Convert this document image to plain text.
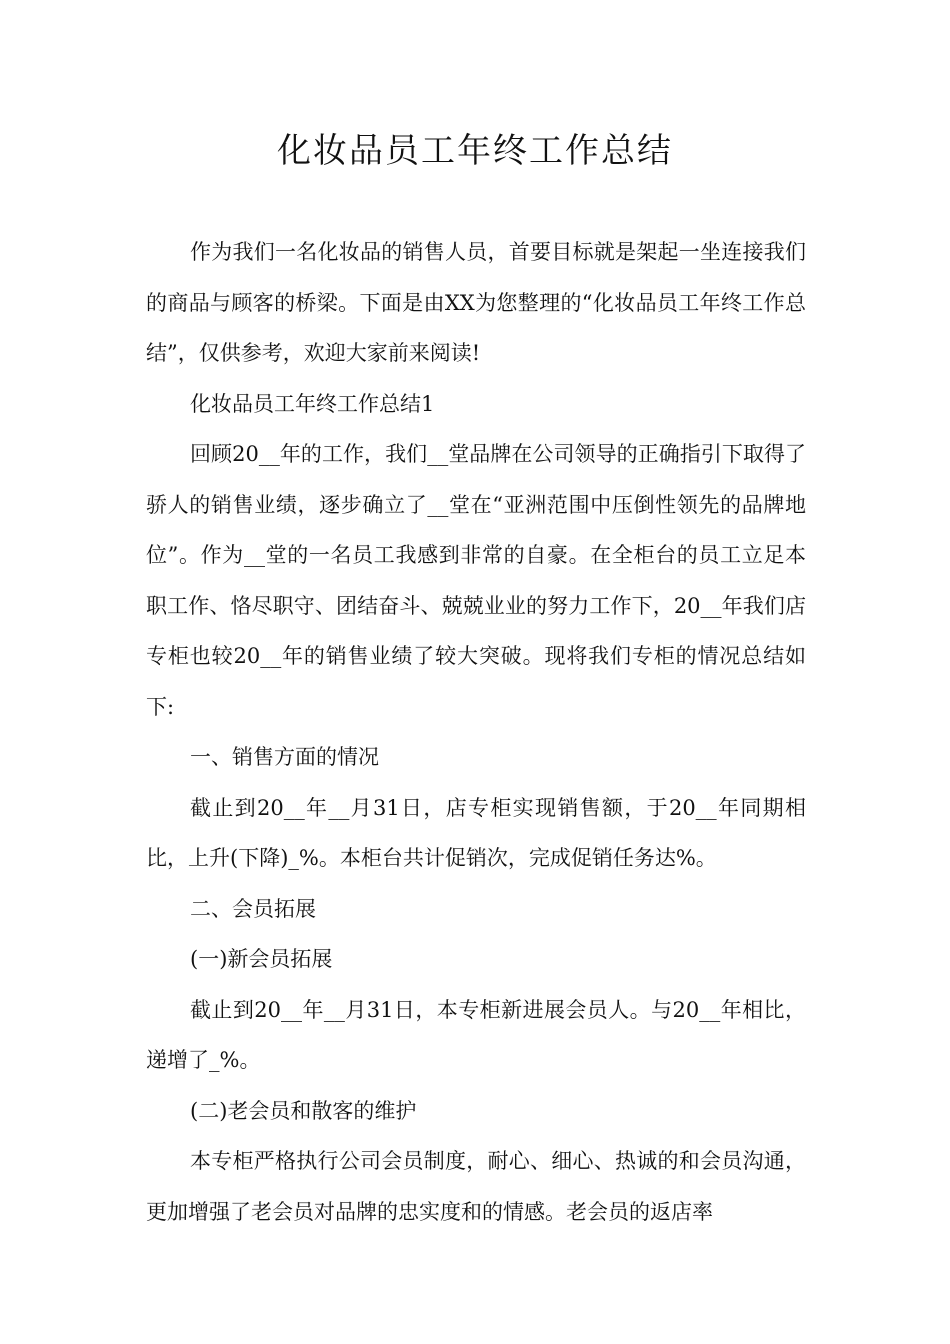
化妆品员工年终工作总结

作为我们一名化妆品的销售人员，首要目标就是架起一坐连接我们的商品与顾客的桥梁。下面是由XX为您整理的“化妆品员工年终工作总结”，仅供参考，欢迎大家前来阅读!

化妆品员工年终工作总结1

回顾20__年的工作，我们__堂品牌在公司领导的正确指引下取得了骄人的销售业绩，逐步确立了__堂在“亚洲范围中压倒性领先的品牌地位”。作为__堂的一名员工我感到非常的自豪。在全柜台的员工立足本职工作、恪尽职守、团结奋斗、兢兢业业的努力工作下，20__年我们店专柜也较20__年的销售业绩了较大突破。现将我们专柜的情况总结如下:

一、销售方面的情况

截止到20__年__月31日，店专柜实现销售额，于20__年同期相比，上升(下降)_%。本柜台共计促销次，完成促销任务达%。

二、会员拓展

(一)新会员拓展

截止到20__年__月31日，本专柜新进展会员人。与20__年相比，递增了_%。

(二)老会员和散客的维护

本专柜严格执行公司会员制度，耐心、细心、热诚的和会员沟通，更加增强了老会员对品牌的忠实度和的情感。老会员的返店率
